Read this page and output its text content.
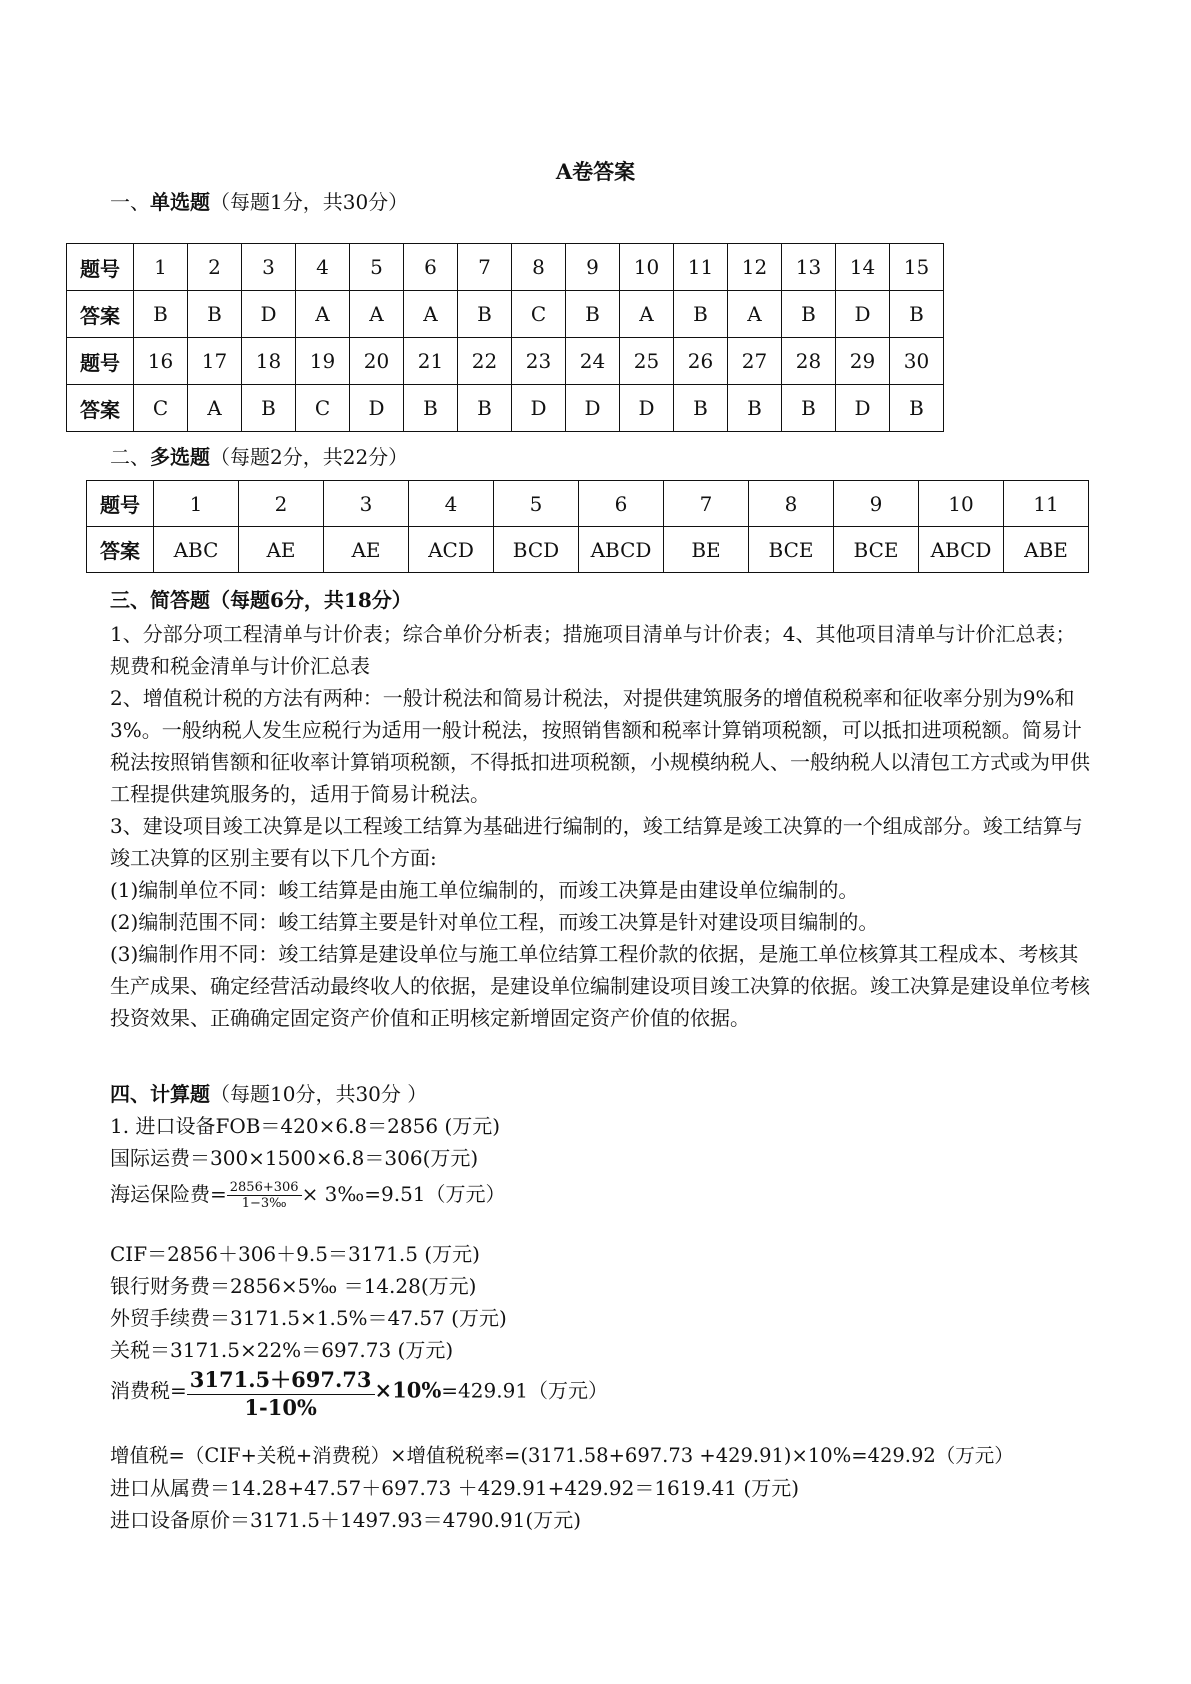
A卷答案
一、单选题（每题1分，共30分）
题号	1	2	3	4	5	6	7	8	9	10	11	12	13	14	15
答案	B	B	D	A	A	A	B	C	B	A	B	A	B	D	B
题号	16	17	18	19	20	21	22	23	24	25	26	27	28	29	30
答案	C	A	B	C	D	B	B	D	D	D	B	B	B	D	B
二、多选题（每题2分，共22分）
题号	1	2	3	4	5	6	7	8	9	10	11
答案	ABC	AE	AE	ACD	BCD	ABCD	BE	BCE	BCE	ABCD	ABE
三、简答题（每题6分，共18分）
1、分部分项工程清单与计价表；综合单价分析表；措施项目清单与计价表；4、其他项目清单与计价汇总表；规费和税金清单与计价汇总表
2、增值税计税的方法有两种：一般计税法和简易计税法，对提供建筑服务的增值税税率和征收率分别为9%和3%。一般纳税人发生应税行为适用一般计税法，按照销售额和税率计算销项税额，可以抵扣进项税额。简易计税法按照销售额和征收率计算销项税额，不得抵扣进项税额，小规模纳税人、一般纳税人以清包工方式或为甲供工程提供建筑服务的，适用于简易计税法。
3、建设项目竣工决算是以工程竣工结算为基础进行编制的，竣工结算是竣工决算的一个组成部分。竣工结算与竣工决算的区别主要有以下几个方面:
(1)编制单位不同：峻工结算是由施工单位编制的，而竣工决算是由建设单位编制的。
(2)编制范围不同：峻工结算主要是针对单位工程，而竣工决算是针对建设项目编制的。
(3)编制作用不同：竣工结算是建设单位与施工单位结算工程价款的依据，是施工单位核算其工程成本、考核其生产成果、确定经营活动最终收人的依据，是建设单位编制建设项目竣工决算的依据。竣工决算是建设单位考核投资效果、正确确定固定资产价值和正明核定新增固定资产价值的依据。
四、计算题（每题10分，共30分 ）
1. 进口设备FOB＝420×6.8＝2856 (万元)
国际运费＝300×1500×6.8＝306(万元)
海运保险费= $\frac{2856+306}{1-3‰}$ × 3‰=9.51（万元）
CIF＝2856＋306＋9.5＝3171.5 (万元)
银行财务费＝2856×5‰ ＝14.28(万元)
外贸手续费＝3171.5×1.5%＝47.57 (万元)
关税＝3171.5×22%＝697.73 (万元)
消费税= $\frac{3171.5+697.73}{1-10\%} \times 10\%=429.91$（万元）
增值税=（CIF+关税+消费税）×增值税税率=(3171.58+697.73 +429.91)×10%=429.92（万元）
进口从属费＝14.28+47.57＋697.73 ＋429.91+429.92＝1619.41 (万元)
进口设备原价＝3171.5＋1497.93＝4790.91(万元)
